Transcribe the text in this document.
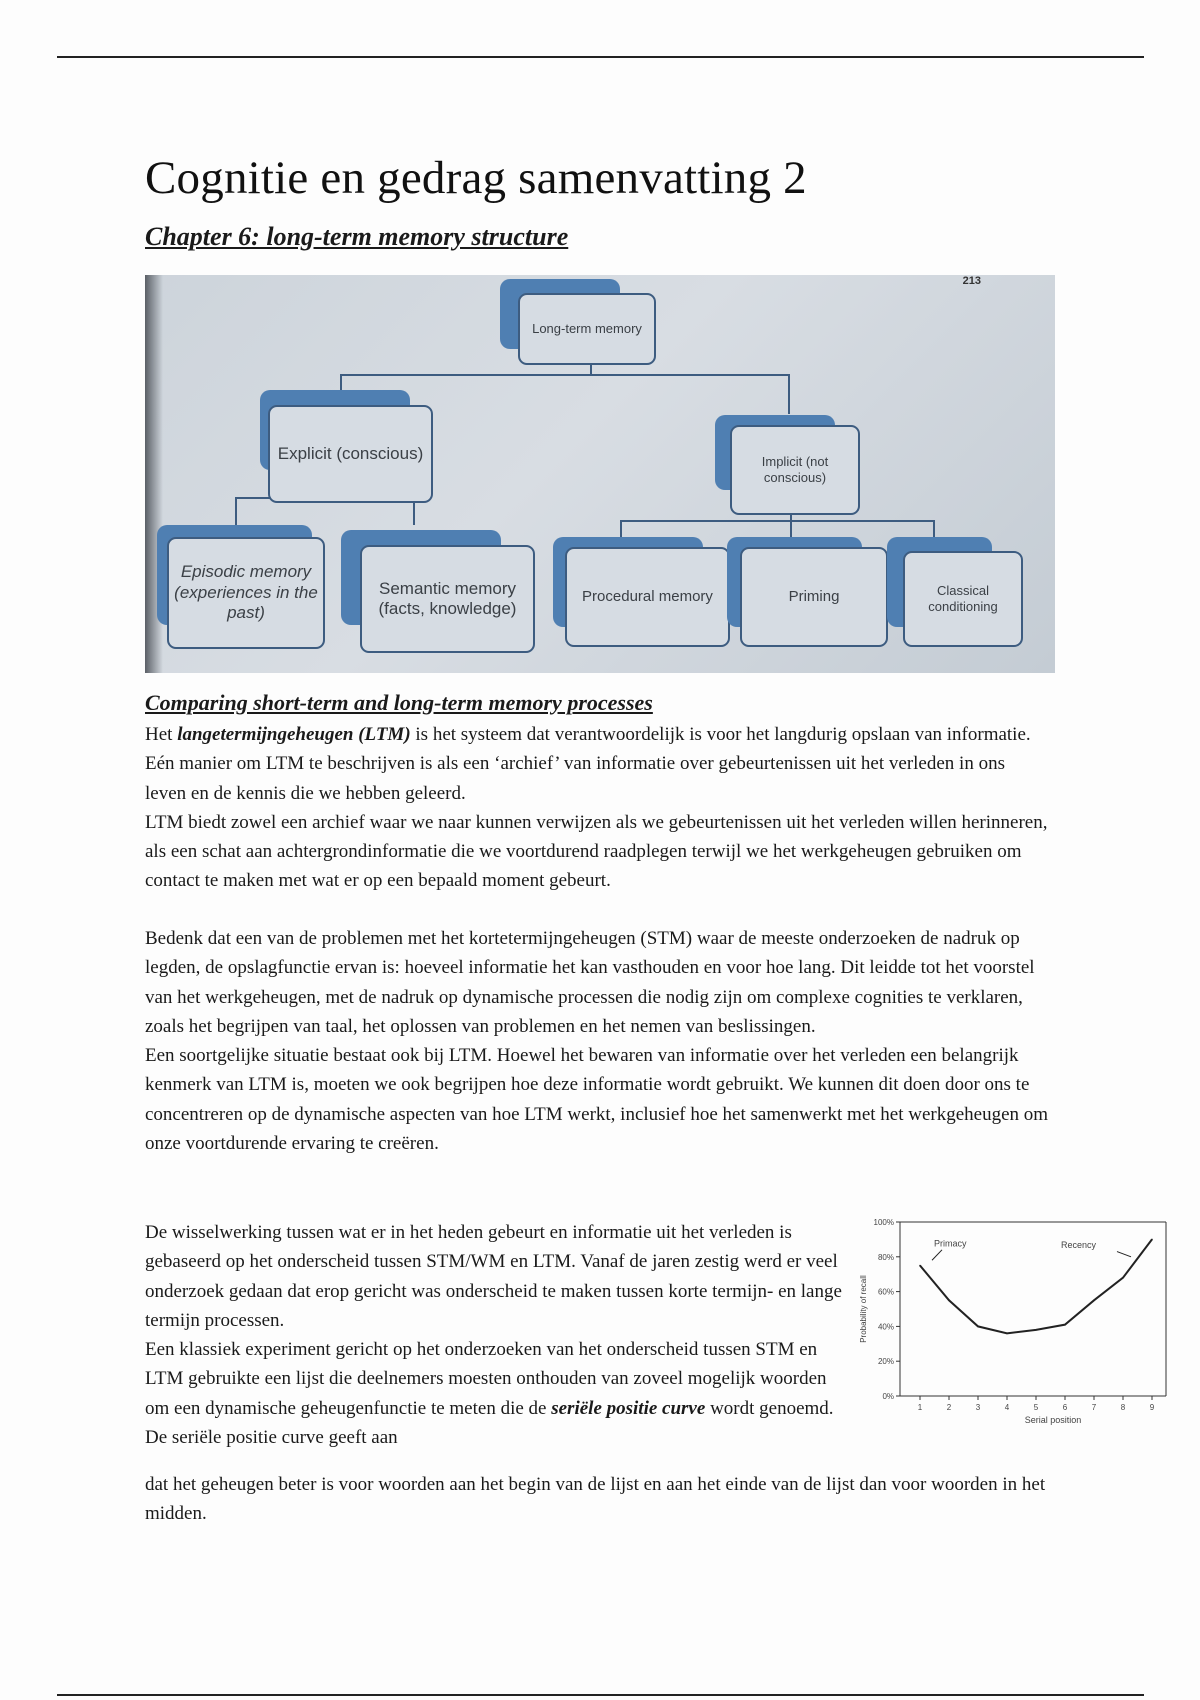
Cognitie en gedrag samenvatting 2

Chapter 6: long-term memory structure

213
Long-term memory
Explicit (conscious)	Implicit (not conscious)
Episodic memory (experiences in the past)
Semantic memory (facts, knowledge)
Procedural memory	Priming	Classical conditioning
Comparing short-term and long-term memory processes

Het langetermijngeheugen (LTM) is het systeem dat verantwoordelijk is voor het langdurig opslaan van informatie. Eén manier om LTM te beschrijven is als een ‘archief’ van informatie over gebeurtenissen uit het verleden in ons leven en de kennis die we hebben geleerd.
LTM biedt zowel een archief waar we naar kunnen verwijzen als we gebeurtenissen uit het verleden willen herinneren, als een schat aan achtergrondinformatie die we voortdurend raadplegen terwijl we het werkgeheugen gebruiken om contact te maken met wat er op een bepaald moment gebeurt.

Bedenk dat een van de problemen met het kortetermijngeheugen (STM) waar de meeste onderzoeken de nadruk op legden, de opslagfunctie ervan is: hoeveel informatie het kan vasthouden en voor hoe lang. Dit leidde tot het voorstel van het werkgeheugen, met de nadruk op dynamische processen die nodig zijn om complexe cognities te verklaren, zoals het begrijpen van taal, het oplossen van problemen en het nemen van beslissingen.
Een soortgelijke situatie bestaat ook bij LTM. Hoewel het bewaren van informatie over het verleden een belangrijk kenmerk van LTM is, moeten we ook begrijpen hoe deze informatie wordt gebruikt. We kunnen dit doen door ons te concentreren op de dynamische aspecten van hoe LTM werkt, inclusief hoe het samenwerkt met het werkgeheugen om onze voortdurende ervaring te creëren.

De wisselwerking tussen wat er in het heden gebeurt en informatie uit het verleden is gebaseerd op het onderscheid tussen STM/WM en LTM. Vanaf de jaren zestig werd er veel onderzoek gedaan dat erop gericht was onderscheid te maken tussen korte termijn- en lange termijn processen.
Een klassiek experiment gericht op het onderzoeken van het onderscheid tussen STM en LTM gebruikte een lijst die deelnemers moesten onthouden van zoveel mogelijk woorden om een dynamische geheugenfunctie te meten die de seriële positie curve wordt genoemd. De seriële positie curve geeft aan

dat het geheugen beter is voor woorden aan het begin van de lijst en aan het einde van de lijst dan voor woorden in het midden.

0%
20%
40%
60%
80%
100%
1	2	3	4	5	6	7	8	9
Serial position
Probability of recall
Primacy	Recency
